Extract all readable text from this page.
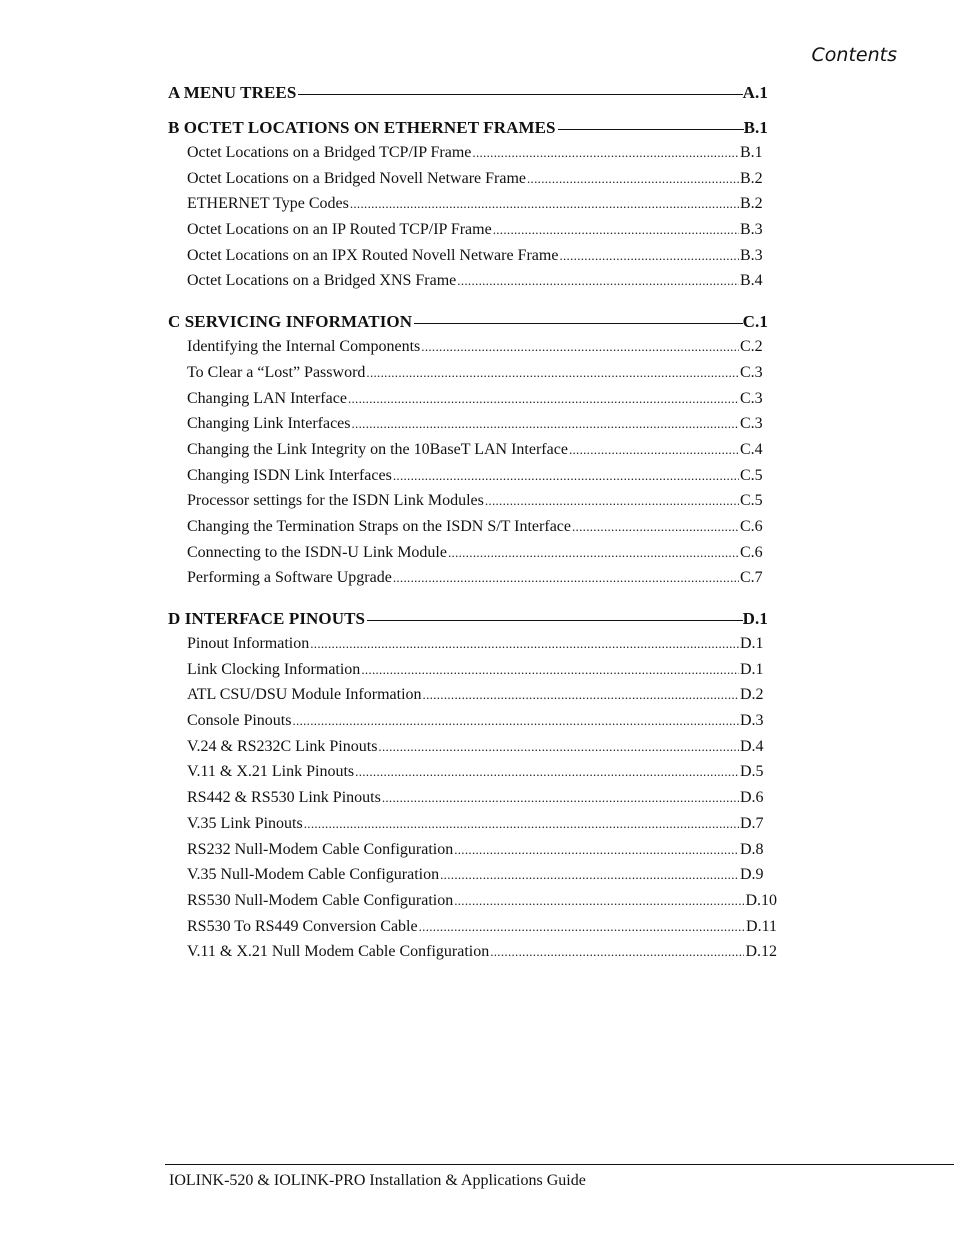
Contents
A MENU TREES	A.1
B OCTET LOCATIONS ON ETHERNET FRAMES	B.1
Octet Locations on a Bridged TCP/IP Frame .....	B.1
Octet Locations on a Bridged Novell Netware Frame .....	B.2
ETHERNET Type Codes .....	B.2
Octet Locations on an IP Routed TCP/IP Frame .....	B.3
Octet Locations on an IPX Routed Novell Netware Frame .....	B.3
Octet Locations on a Bridged XNS Frame .....	B.4
C SERVICING INFORMATION	C.1
Identifying the Internal Components .....	C.2
To Clear a “Lost” Password .....	C.3
Changing LAN Interface .....	C.3
Changing Link Interfaces .....	C.3
Changing the Link Integrity on the 10BaseT LAN Interface .....	C.4
Changing ISDN Link Interfaces .....	C.5
Processor settings for the ISDN Link Modules .....	C.5
Changing the Termination Straps on the ISDN S/T Interface .....	C.6
Connecting to the ISDN-U Link Module .....	C.6
Performing a Software Upgrade .....	C.7
D INTERFACE PINOUTS	D.1
Pinout Information .....	D.1
Link Clocking Information .....	D.1
ATL CSU/DSU Module Information .....	D.2
Console Pinouts .....	D.3
V.24 & RS232C Link Pinouts .....	D.4
V.11 & X.21 Link Pinouts .....	D.5
RS442 & RS530 Link Pinouts .....	D.6
V.35 Link Pinouts .....	D.7
RS232 Null-Modem Cable Configuration .....	D.8
V.35 Null-Modem Cable Configuration .....	D.9
RS530 Null-Modem Cable Configuration .....	D.10
RS530 To RS449 Conversion Cable .....	D.11
V.11 & X.21 Null Modem Cable Configuration .....	D.12
IOLINK-520 & IOLINK-PRO Installation & Applications Guide
